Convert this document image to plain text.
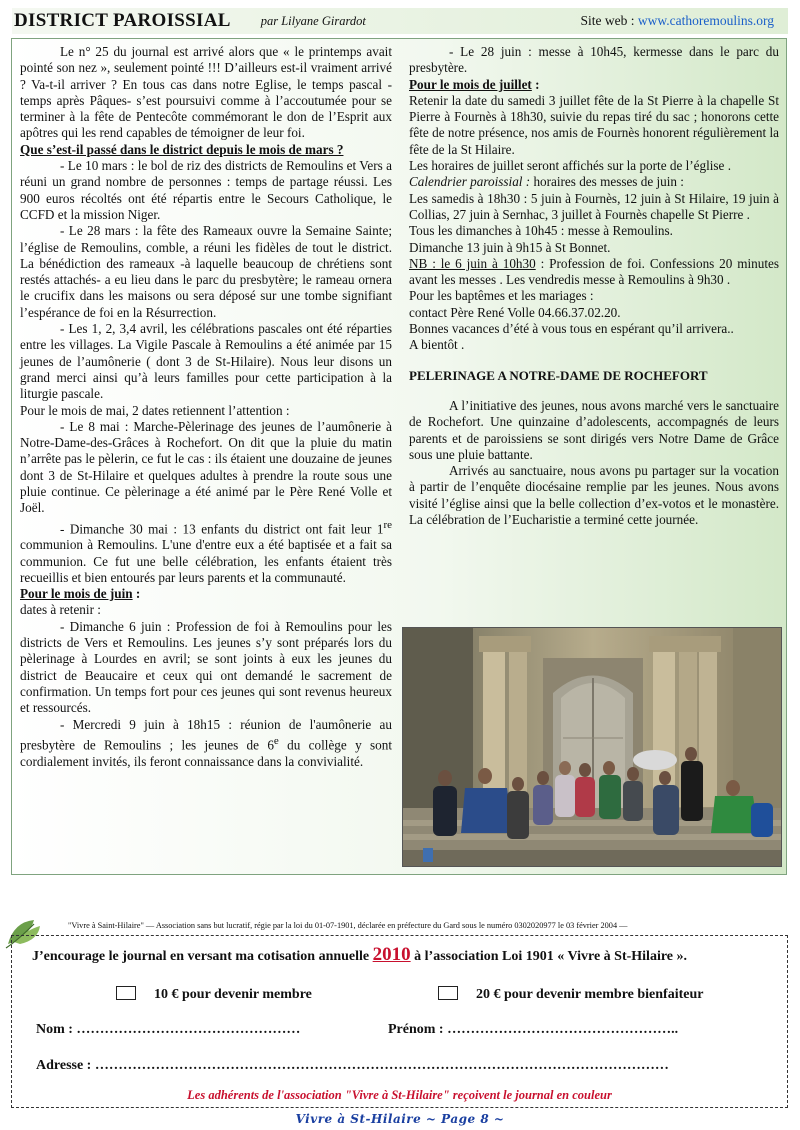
DISTRICT PAROISSIAL par Lilyane Girardot	Site web : www.cathoremoulins.org

Le n° 25 du journal est arrivé alors que « le printemps avait pointé son nez », seulement pointé !!! D’ailleurs est-il vraiment arrivé ? Va-t-il arriver ? En tous cas dans notre Eglise, le temps pascal -temps après Pâques- s’est poursuivi comme à l’accoutumée pour se terminer à la fête de Pentecôte commémorant le don de l’Esprit aux apôtres qui les rend capables de témoigner de leur foi.

Que s’est-il passé dans le district depuis le mois de mars ?

- Le 10 mars : le bol de riz des districts de Remoulins et Vers a réuni un grand nombre de personnes : temps de partage réussi. Les 900 euros récoltés ont été répartis entre le Secours Catholique, le CCFD et la mission Niger.

- Le 28 mars : la fête des Rameaux ouvre la Semaine Sainte; l’église de Remoulins, comble, a réuni les fidèles de tout le district. La bénédiction des rameaux -à laquelle beaucoup de chrétiens sont restés attachés- a eu lieu dans le parc du presbytère; le rameau ornera le crucifix dans les maisons ou sera déposé sur une tombe signifiant l’espérance de foi en la Résurrection.

- Les 1, 2, 3,4 avril, les célébrations pascales ont été réparties entre les villages. La Vigile Pascale à Remoulins a été animée par 15 jeunes de l’aumônerie ( dont 3 de St-Hilaire). Nous leur disons un grand merci ainsi qu’à leurs familles pour cette participation à la liturgie pascale.

Pour le mois de mai, 2 dates retiennent l’attention :

- Le 8 mai : Marche-Pèlerinage des jeunes de l’aumônerie à Notre-Dame-des-Grâces à Rochefort. On dit que la pluie du matin n’arrête pas le pèlerin, ce fut le cas : ils étaient une douzaine de jeunes dont 3 de St-Hilaire et quelques adultes à prendre la route sous une pluie continue. Ce pèlerinage a été animé par le Père René Volle et Joël.

- Dimanche 30 mai : 13 enfants du district ont fait leur 1re communion à Remoulins. L'une d'entre eux a été baptisée et a fait sa communion. Ce fut une belle célébration, les enfants étaient très recueillis et bien entourés par leurs parents et la communauté.

Pour le mois de juin :

dates à retenir :

- Dimanche 6 juin : Profession de foi à Remoulins pour les districts de Vers et Remoulins. Les jeunes s’y sont préparés lors du pèlerinage à Lourdes en avril; se sont joints à eux les jeunes du district de Beaucaire et ceux qui ont demandé le sacrement de confirmation. Un temps fort pour ces jeunes qui sont revenus heureux et ressourcés.

- Mercredi 9 juin à 18h15 : réunion de l'aumônerie au presbytère de Remoulins ; les jeunes de 6e du collège y sont cordialement invités, ils feront connaissance dans la convivialité.

- Le 28 juin : messe à 10h45, kermesse dans le parc du presbytère.

Pour le mois de juillet :

Retenir la date du samedi 3 juillet fête de la St Pierre à la chapelle St Pierre à Fournès à 18h30, suivie du repas tiré du sac ; honorons cette fête de notre présence, nos amis de Fournès honorent régulièrement la fête de la St Hilaire.

Les horaires de juillet seront affichés sur la porte de l’église .

Calendrier paroissial : horaires des messes de juin :

Les samedis à 18h30 : 5 juin à Fournès, 12 juin à St Hilaire, 19 juin à Collias, 27 juin à Sernhac, 3 juillet à Fournès chapelle St Pierre .

Tous les dimanches à 10h45 : messe à Remoulins.

Dimanche 13 juin à 9h15 à St Bonnet.

NB : le 6 juin à 10h30 : Profession de foi. Confessions 20 minutes avant les messes . Les vendredis messe à Remoulins à 9h30 .

Pour les baptêmes et les mariages :

contact Père René Volle 04.66.37.02.20.

Bonnes vacances d’été à vous tous en espérant qu’il arrivera..

A bientôt .

PELERINAGE A NOTRE-DAME DE ROCHEFORT

A l’initiative des jeunes, nous avons marché vers le sanctuaire de Rochefort. Une quinzaine d’adolescents, accompagnés de leurs parents et de paroissiens se sont dirigés vers Notre Dame de Grâce sous une pluie battante.

Arrivés au sanctuaire, nous avons pu partager sur la vocation à partir de l’enquête diocésaine remplie par les jeunes. Nous avons visité l’église ainsi que la belle collection d’ex-votos et le monastère. La célébration de l’Eucharistie a terminé cette journée.

"Vivre à Saint-Hilaire" — Association sans but lucratif, régie par la loi du 01-07-1901, déclarée en préfecture du Gard sous le numéro 0302020977 le 03 février 2004 —
J’encourage le journal en versant ma cotisation annuelle 2010 à l’association Loi 1901 « Vivre à St-Hilaire ».
10 € pour devenir membre	20 € pour devenir membre bienfaiteur
Nom : …………………………………………	Prénom : …………………………………………..
Adresse : ……………………………………………………………………………………………………………
Les adhérents de l'association "Vivre à St-Hilaire" reçoivent le journal en couleur
Vivre à St-Hilaire ~ Page 8 ~
